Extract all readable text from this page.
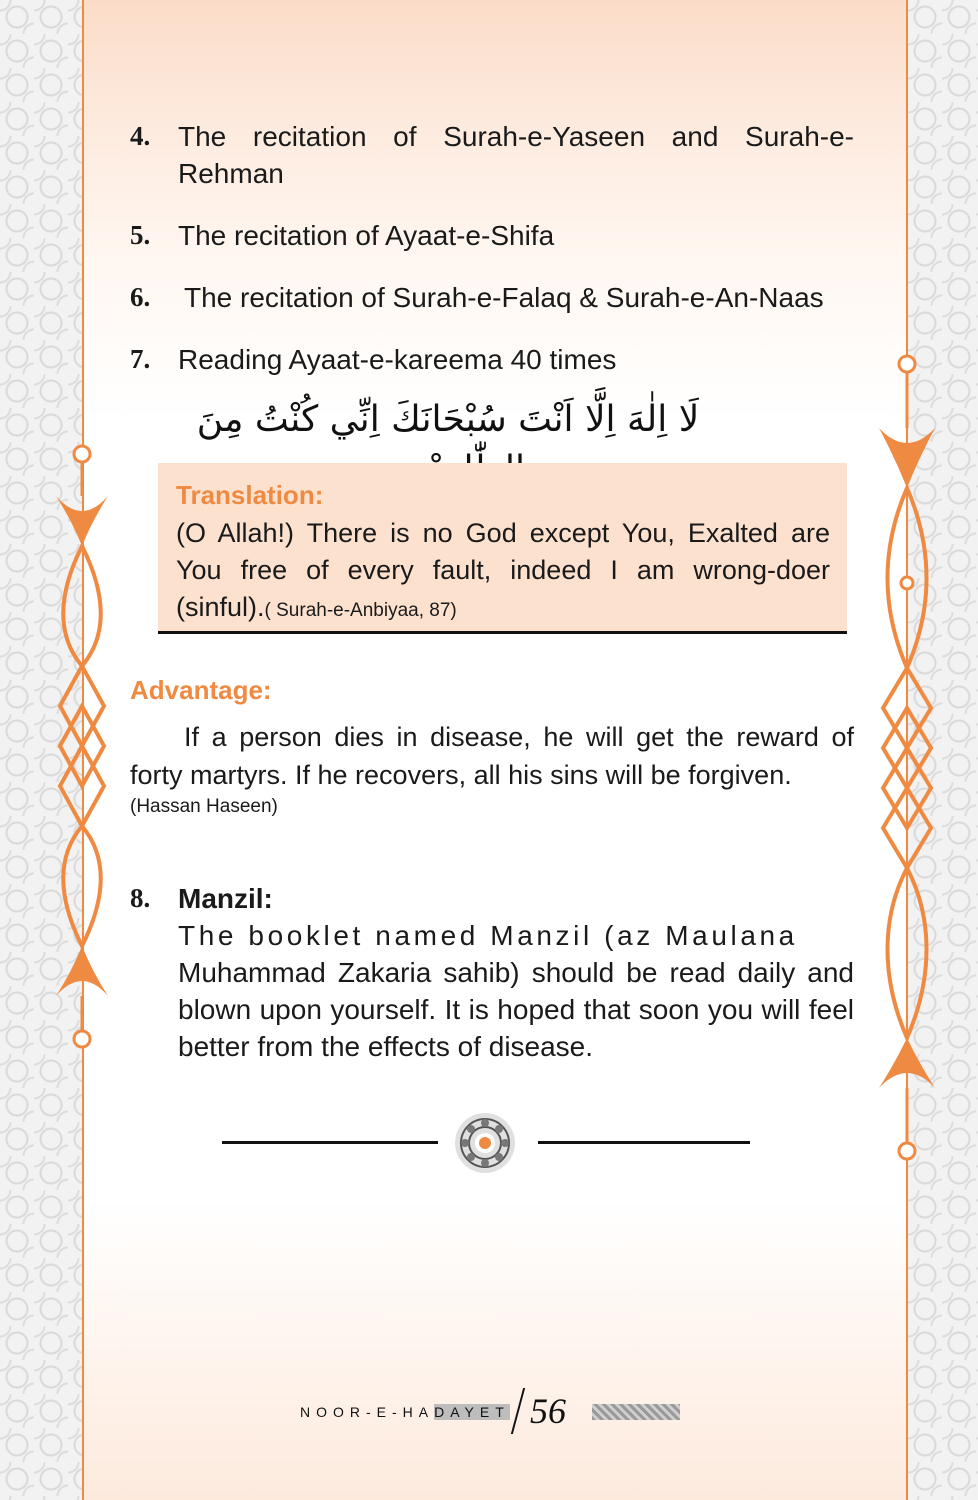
4. The recitation of Surah-e-Yaseen and Surah-e-Rehman
5. The recitation of Ayaat-e-Shifa
6.	The recitation of Surah-e-Falaq & Surah-e-An-Naas
7. Reading Ayaat-e-kareema 40 times
لَا اِلٰهَ اِلَّا اَنْتَ سُبْحَانَكَ اِنِّي كُنْتُ مِنَ
Translation:
(O Allah!) There is no God except You, Exalted are You free of every fault, indeed I am wrong-doer (sinful).( Surah-e-Anbiyaa, 87)
Advantage:
If a person dies in disease, he will get the reward of forty martyrs. If he recovers, all his sins will be forgiven.
(Hassan Haseen)
8. Manzil:
The booklet named Manzil (az Maulana
Muhammad Zakaria sahib) should be read daily and blown upon yourself. It is hoped that soon you will feel better from the effects of disease.
NOOR-E-HADAYET 56
